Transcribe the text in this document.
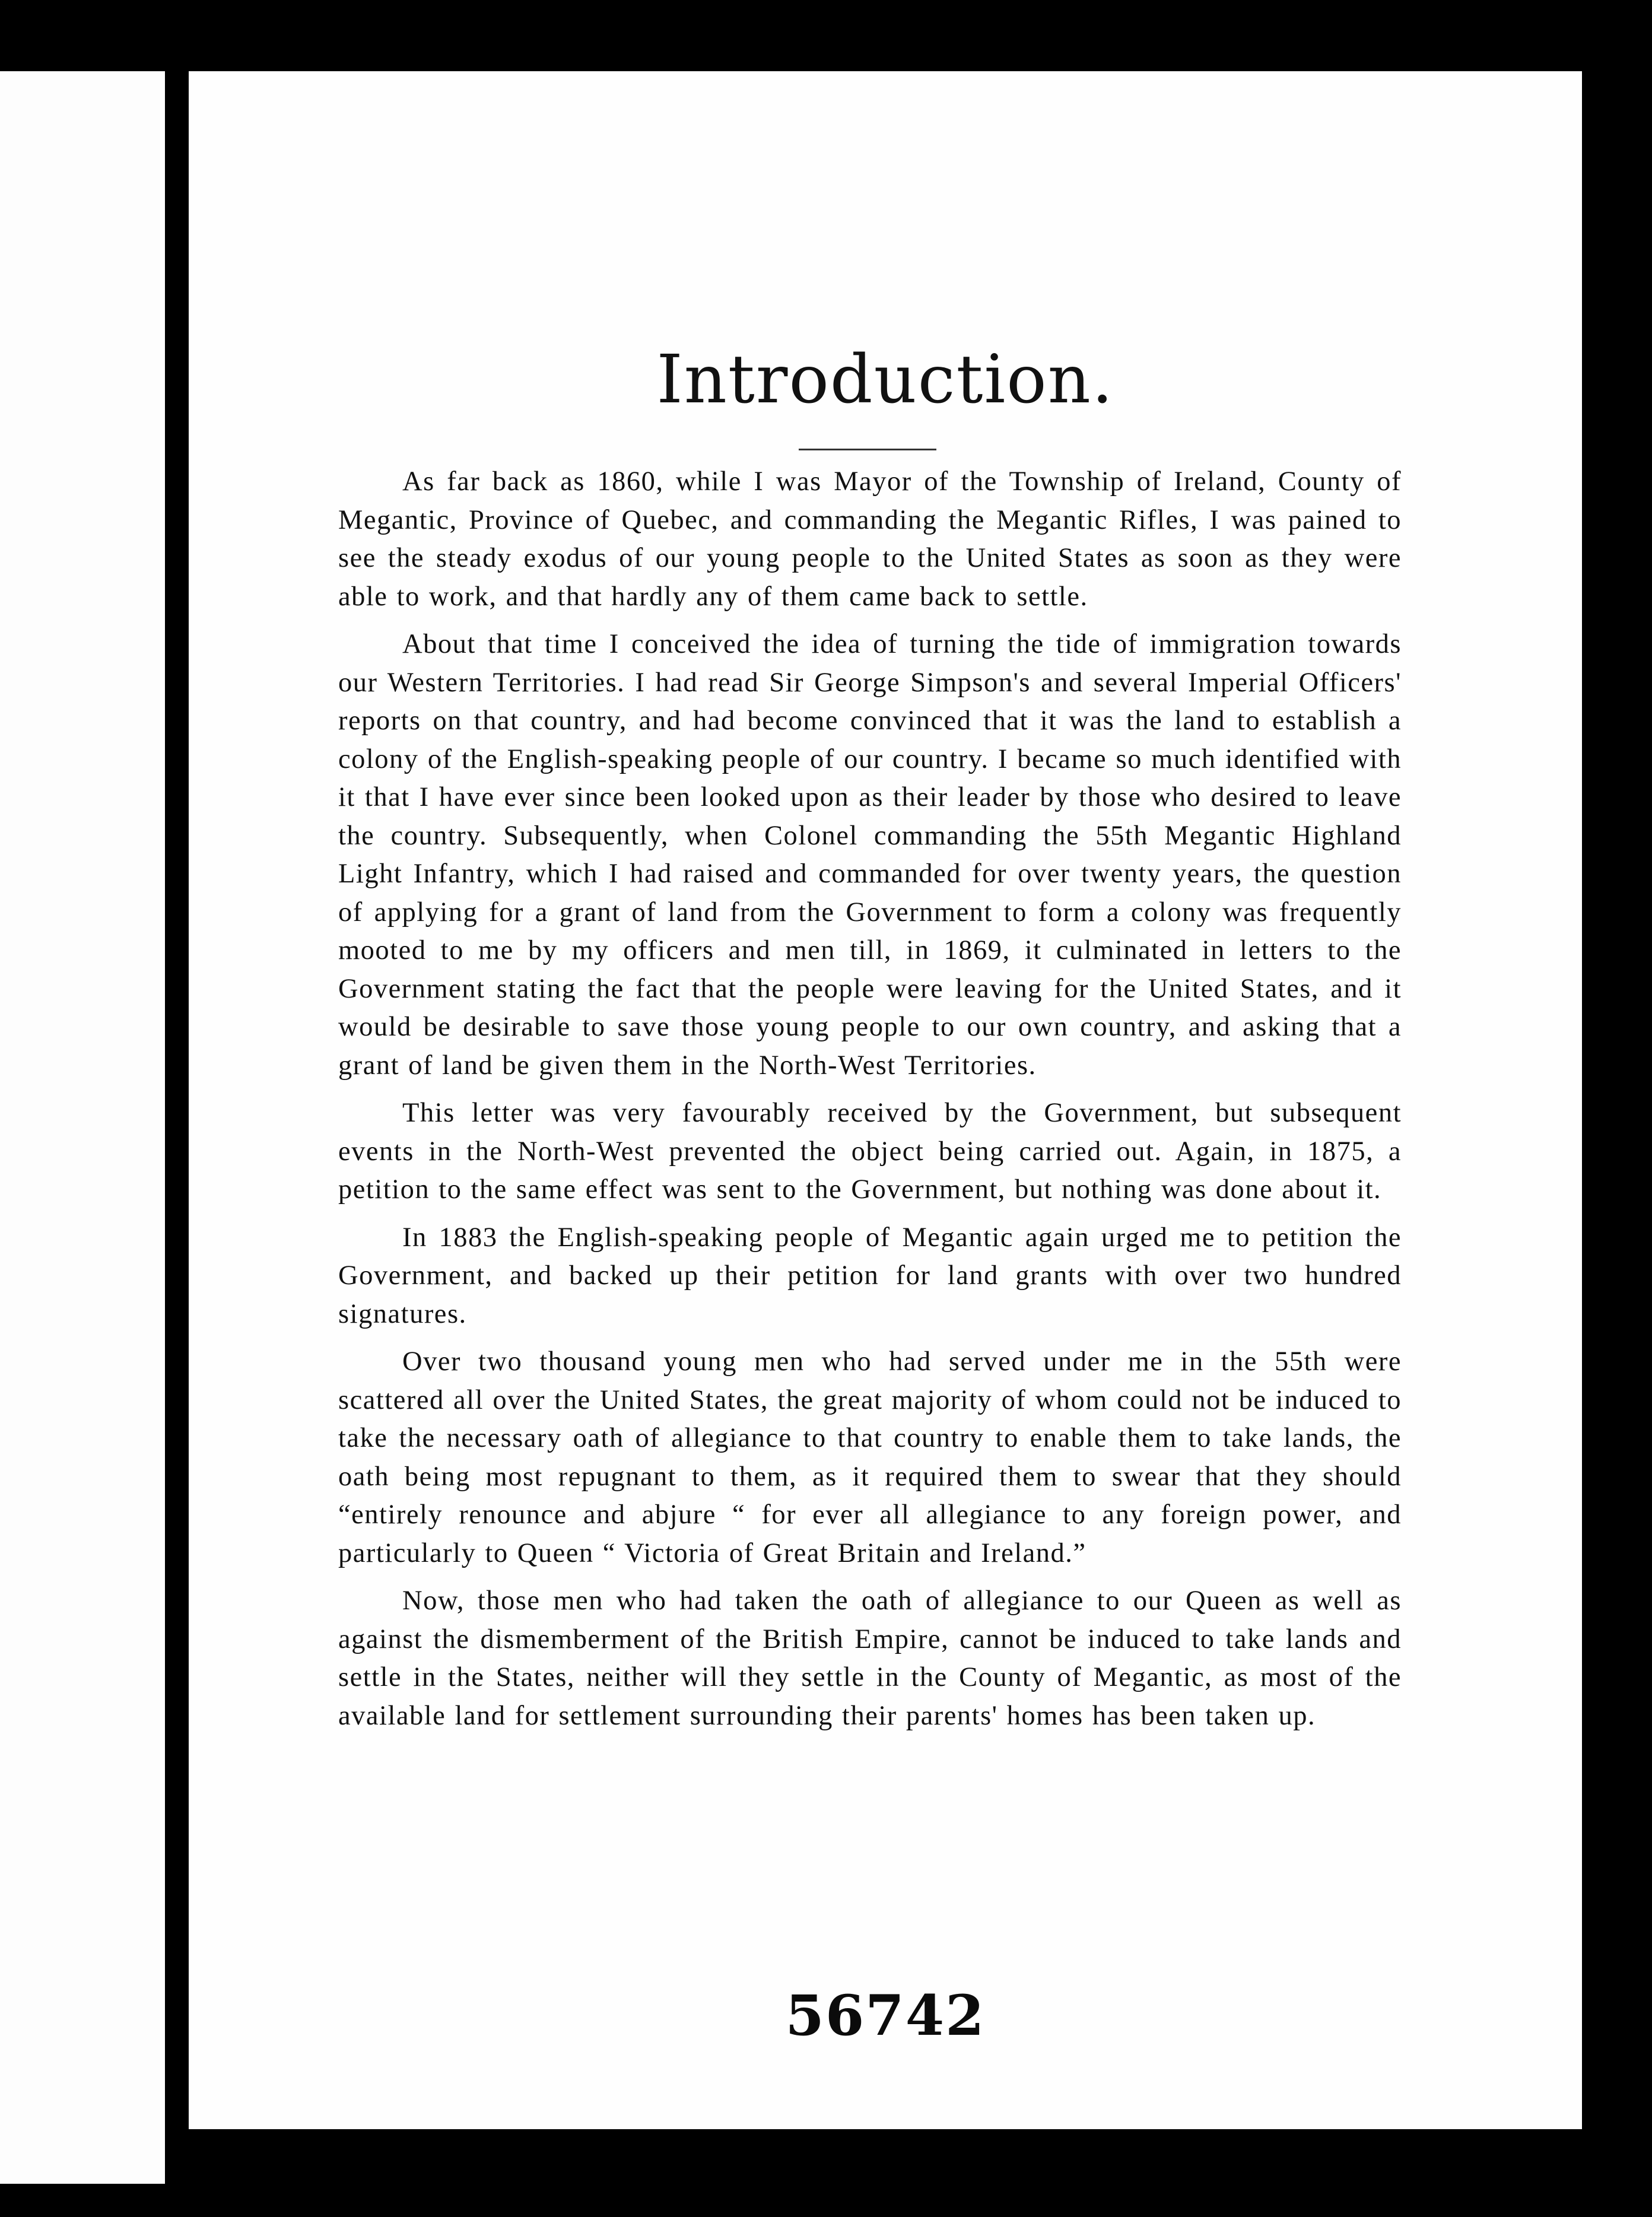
Introduction.

As far back as 1860, while I was Mayor of the Township of Ireland, County of Megantic, Province of Quebec, and commanding the Megantic Rifles, I was pained to see the steady exodus of our young people to the United States as soon as they were able to work, and that hardly any of them came back to settle.

About that time I conceived the idea of turning the tide of immigration towards our Western Territories. I had read Sir George Simpson's and several Imperial Officers' reports on that country, and had become convinced that it was the land to establish a colony of the English-speaking people of our country. I became so much identified with it that I have ever since been looked upon as their leader by those who desired to leave the country. Subsequently, when Colonel commanding the 55th Megantic Highland Light Infantry, which I had raised and commanded for over twenty years, the question of applying for a grant of land from the Government to form a colony was frequently mooted to me by my officers and men till, in 1869, it culminated in letters to the Government stating the fact that the people were leaving for the United States, and it would be desirable to save those young people to our own country, and asking that a grant of land be given them in the North-West Territories.

This letter was very favourably received by the Government, but subsequent events in the North-West prevented the object being carried out. Again, in 1875, a petition to the same effect was sent to the Government, but nothing was done about it.

In 1883 the English-speaking people of Megantic again urged me to petition the Government, and backed up their petition for land grants with over two hundred signatures.

Over two thousand young men who had served under me in the 55th were scattered all over the United States, the great majority of whom could not be induced to take the necessary oath of allegiance to that country to enable them to take lands, the oath being most repugnant to them, as it required them to swear that they should “entirely renounce and abjure “ for ever all allegiance to any foreign power, and particularly to Queen “ Victoria of Great Britain and Ireland.”

Now, those men who had taken the oath of allegiance to our Queen as well as against the dismemberment of the British Empire, cannot be induced to take lands and settle in the States, neither will they settle in the County of Megantic, as most of the available land for settlement surrounding their parents' homes has been taken up.

56742
